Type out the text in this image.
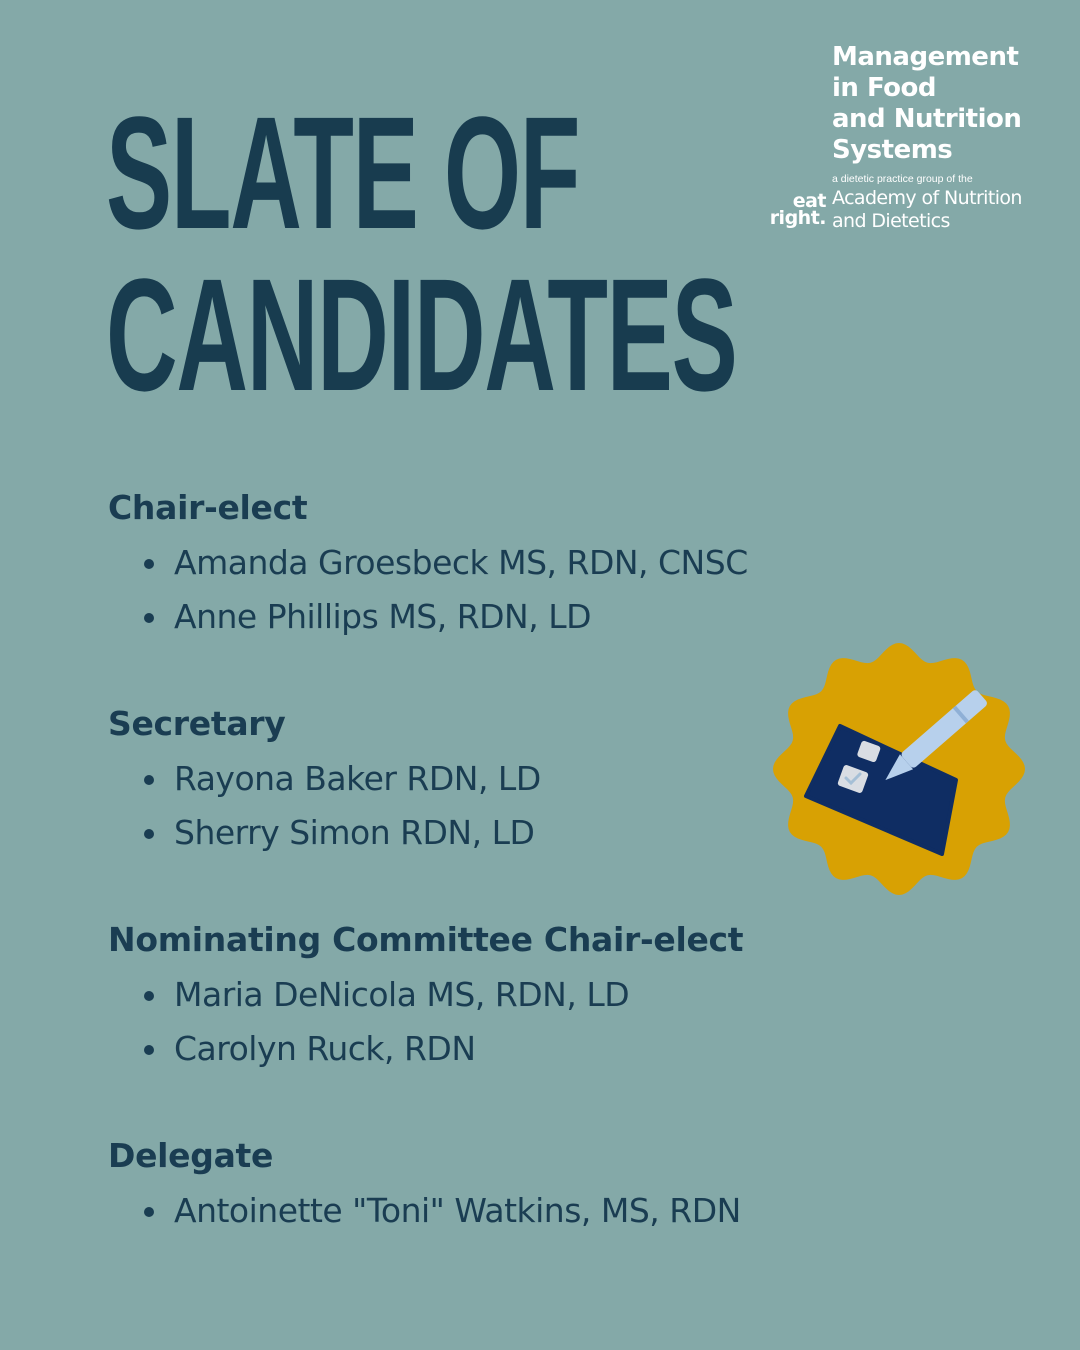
SLATE OF
CANDIDATES
Management
in Food
and Nutrition
Systems
a dietetic practice group of the
eat
right.
Academy of Nutrition
and Dietetics
Chair-elect
Amanda Groesbeck MS, RDN, CNSC
Anne Phillips MS, RDN, LD
Secretary
Rayona Baker RDN, LD
Sherry Simon RDN, LD
Nominating Committee Chair-elect
Maria DeNicola MS, RDN, LD
Carolyn Ruck, RDN
Delegate
Antoinette "Toni" Watkins, MS, RDN
